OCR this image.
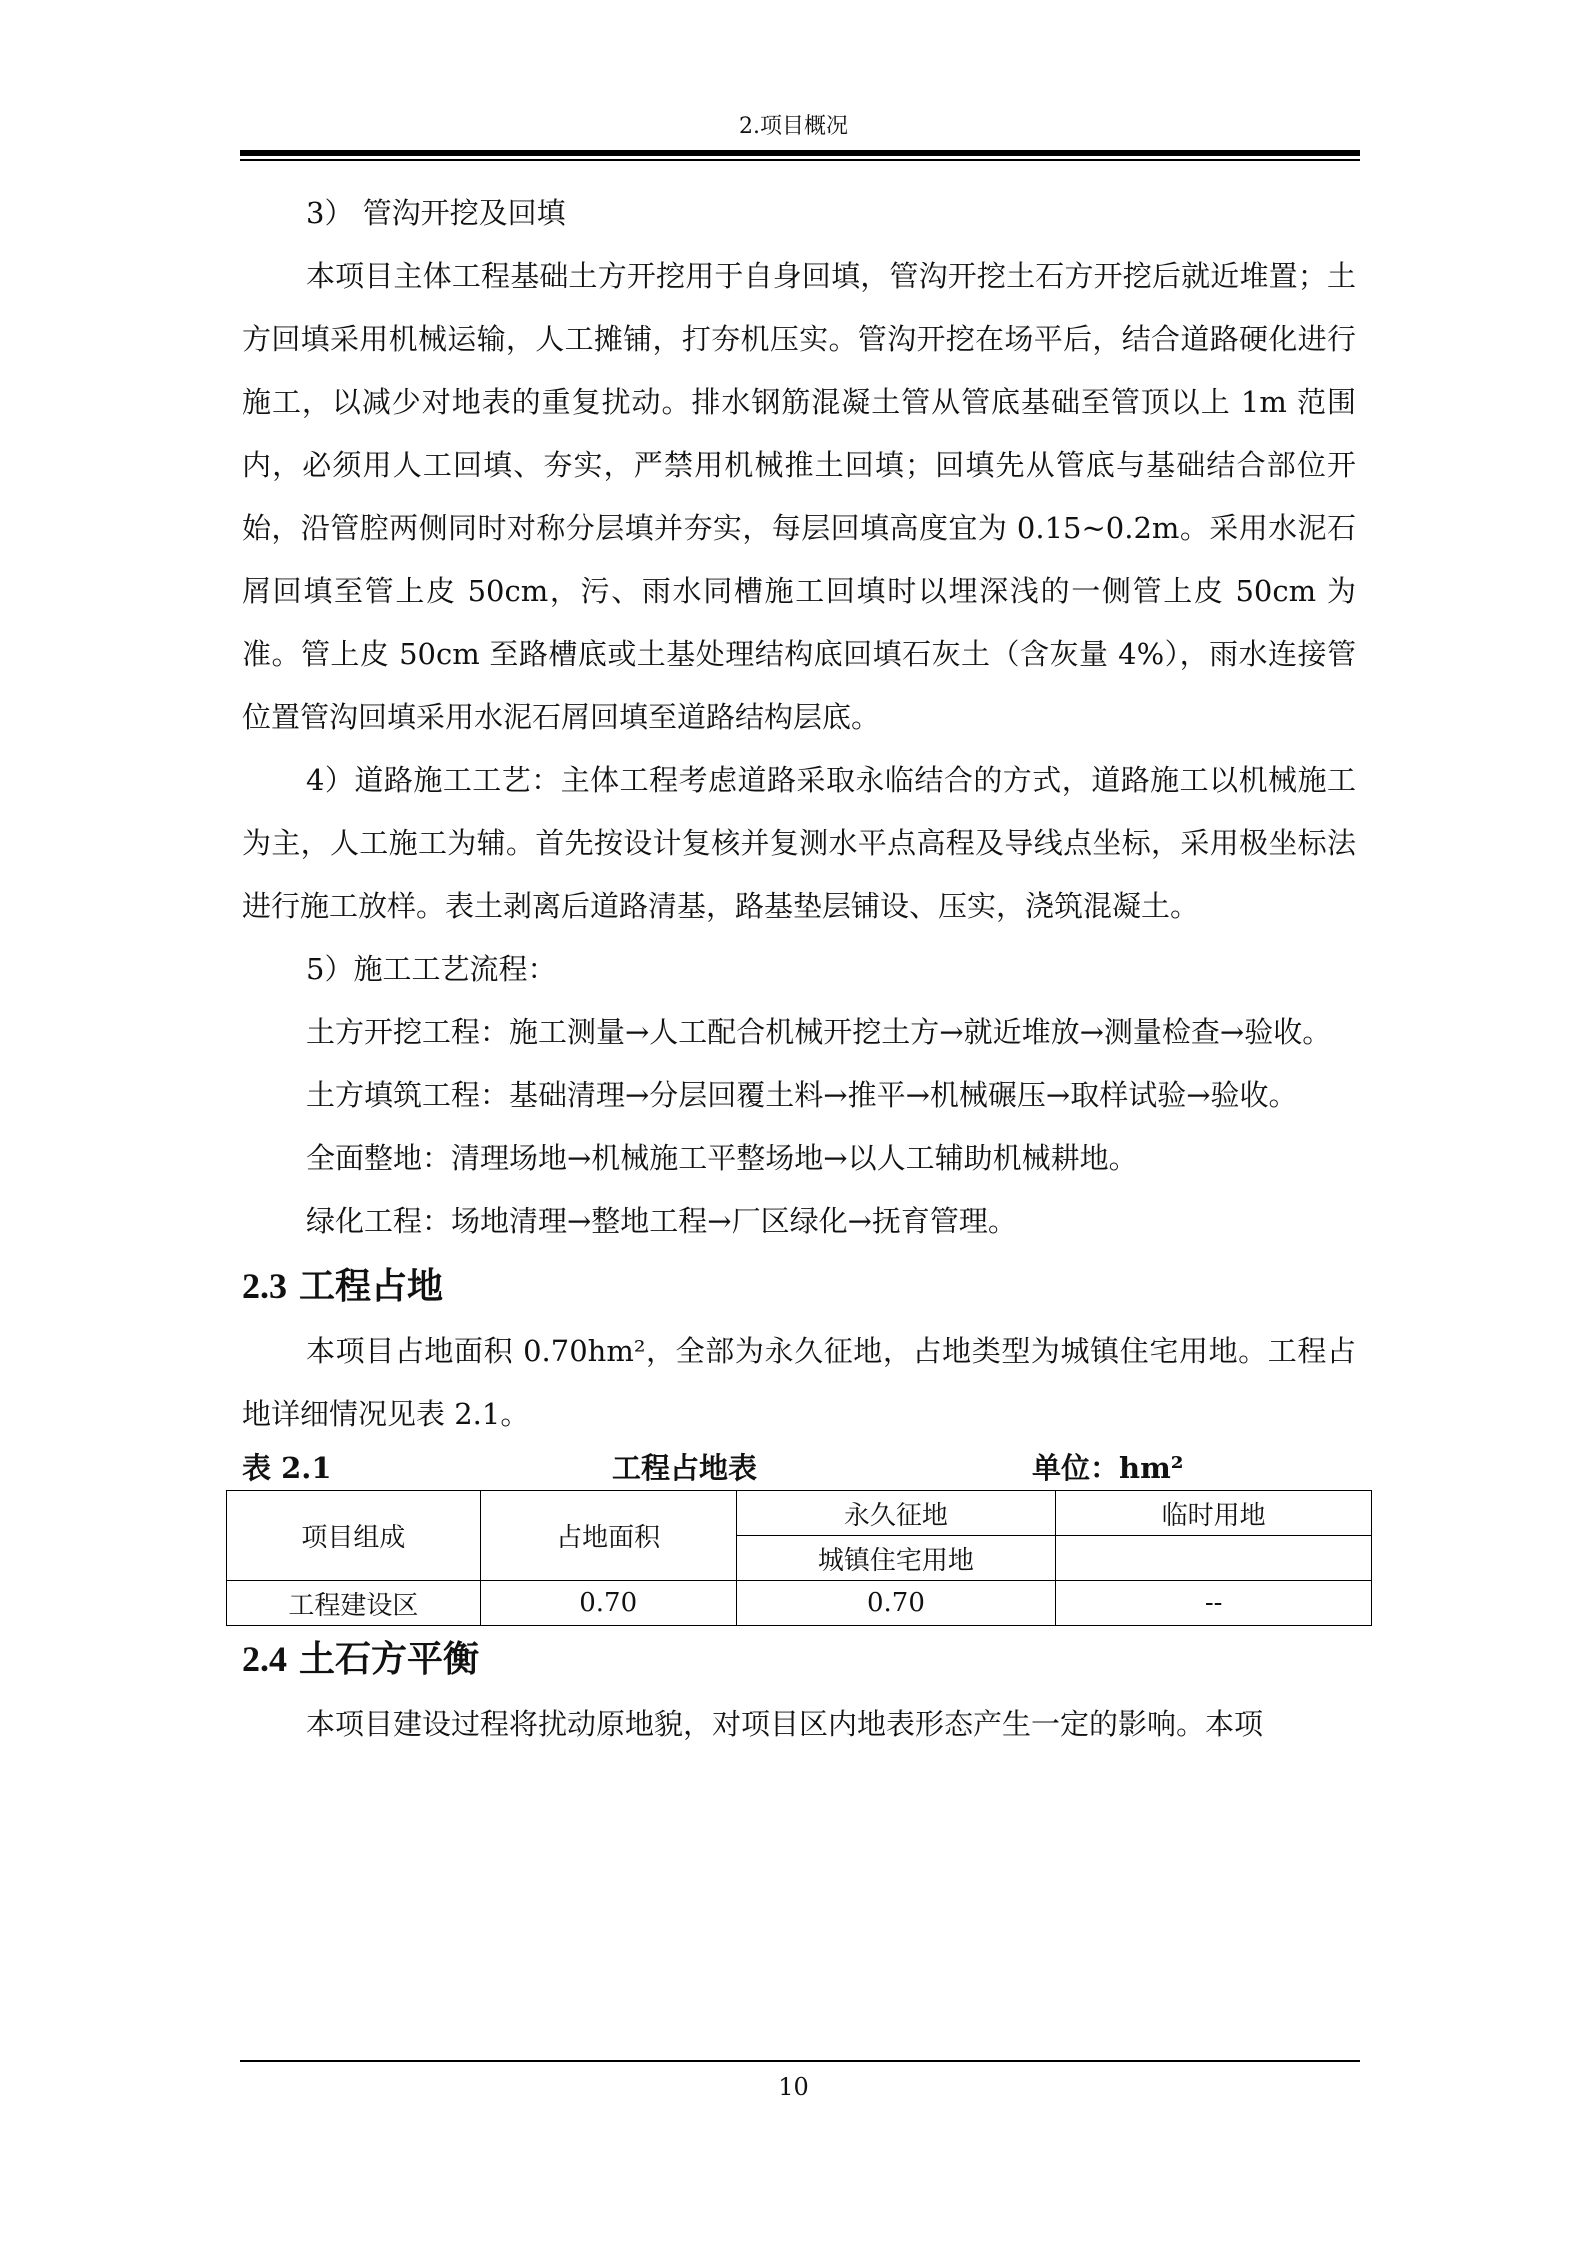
2.项目概况

3） 管沟开挖及回填

本项目主体工程基础土方开挖用于自身回填，管沟开挖土石方开挖后就近堆置；土方回填采用机械运输，人工摊铺，打夯机压实。管沟开挖在场平后，结合道路硬化进行施工，以减少对地表的重复扰动。排水钢筋混凝土管从管底基础至管顶以上 1m 范围内，必须用人工回填、夯实，严禁用机械推土回填；回填先从管底与基础结合部位开始，沿管腔两侧同时对称分层填并夯实，每层回填高度宜为 0.15~0.2m。采用水泥石屑回填至管上皮 50cm，污、雨水同槽施工回填时以埋深浅的一侧管上皮 50cm 为准。管上皮 50cm 至路槽底或土基处理结构底回填石灰土（含灰量 4%），雨水连接管位置管沟回填采用水泥石屑回填至道路结构层底。

4）道路施工工艺：主体工程考虑道路采取永临结合的方式，道路施工以机械施工为主，人工施工为辅。首先按设计复核并复测水平点高程及导线点坐标，采用极坐标法进行施工放样。表土剥离后道路清基，路基垫层铺设、压实，浇筑混凝土。

5）施工工艺流程：

土方开挖工程：施工测量→人工配合机械开挖土方→就近堆放→测量检查→验收。

土方填筑工程：基础清理→分层回覆土料→推平→机械碾压→取样试验→验收。

全面整地：清理场地→机械施工平整场地→以人工辅助机械耕地。

绿化工程：场地清理→整地工程→厂区绿化→抚育管理。

2.3 工程占地

本项目占地面积 0.70hm²，全部为永久征地，占地类型为城镇住宅用地。工程占地详细情况见表 2.1。

表 2.1	工程占地表	单位：hm²
项目组成	占地面积	永久征地	临时用地
		城镇住宅用地	
工程建设区	0.70	0.70	--
2.4 土石方平衡

本项目建设过程将扰动原地貌，对项目区内地表形态产生一定的影响。本项

10
